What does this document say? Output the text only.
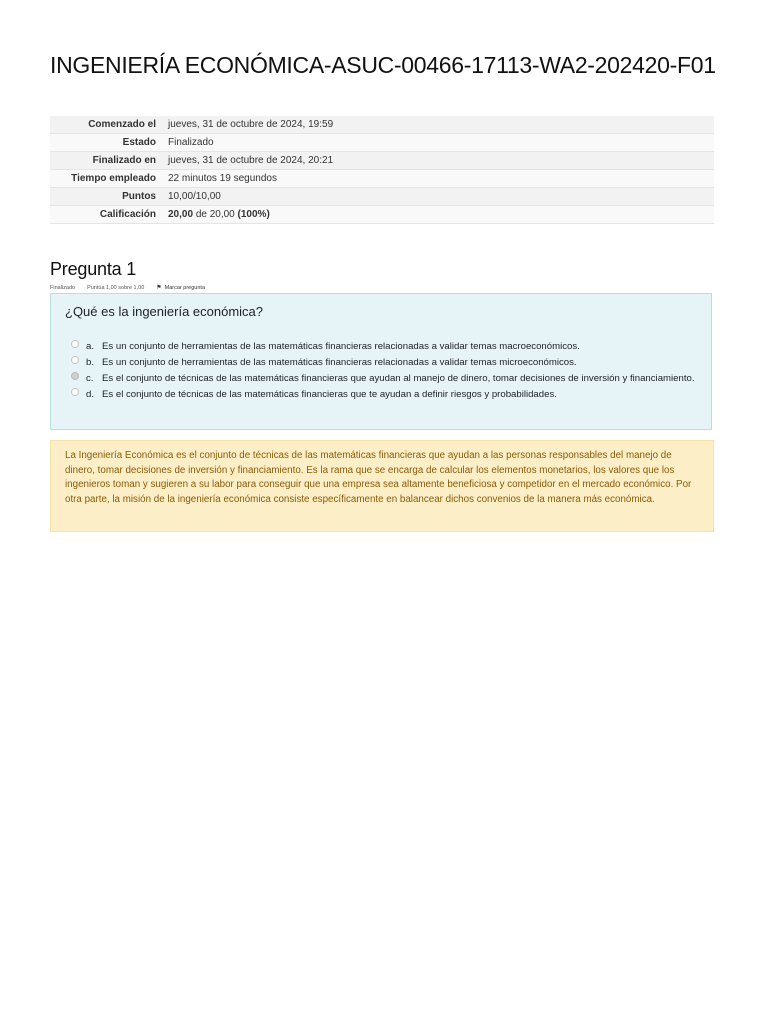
INGENIERÍA ECONÓMICA-ASUC-00466-17113-WA2-202420-F01
Comenzado el	jueves, 31 de octubre de 2024, 19:59
Estado	Finalizado
Finalizado en	jueves, 31 de octubre de 2024, 20:21
Tiempo empleado	22 minutos 19 segundos
Puntos	10,00/10,00
Calificación	20,00 de 20,00 (100%)
Pregunta 1
Finalizado Puntúa 1,00 sobre 1,00 ⚑ Marcar pregunta
¿Qué es la ingeniería económica?
a. Es un conjunto de herramientas de las matemáticas financieras relacionadas a validar temas macroeconómicos.
b. Es un conjunto de herramientas de las matemáticas financieras relacionadas a validar temas microeconómicos.
c. Es el conjunto de técnicas de las matemáticas financieras que ayudan al manejo de dinero, tomar decisiones de inversión y financiamiento.
d. Es el conjunto de técnicas de las matemáticas financieras que te ayudan a definir riesgos y probabilidades.
La Ingeniería Económica es el conjunto de técnicas de las matemáticas financieras que ayudan a las personas responsables del manejo de dinero, tomar decisiones de inversión y financiamiento. Es la rama que se encarga de calcular los elementos monetarios, los valores que los ingenieros toman y sugieren a su labor para conseguir que una empresa sea altamente beneficiosa y competidor en el mercado económico. Por otra parte, la misión de la ingeniería económica consiste específicamente en balancear dichos convenios de la manera más económica.
